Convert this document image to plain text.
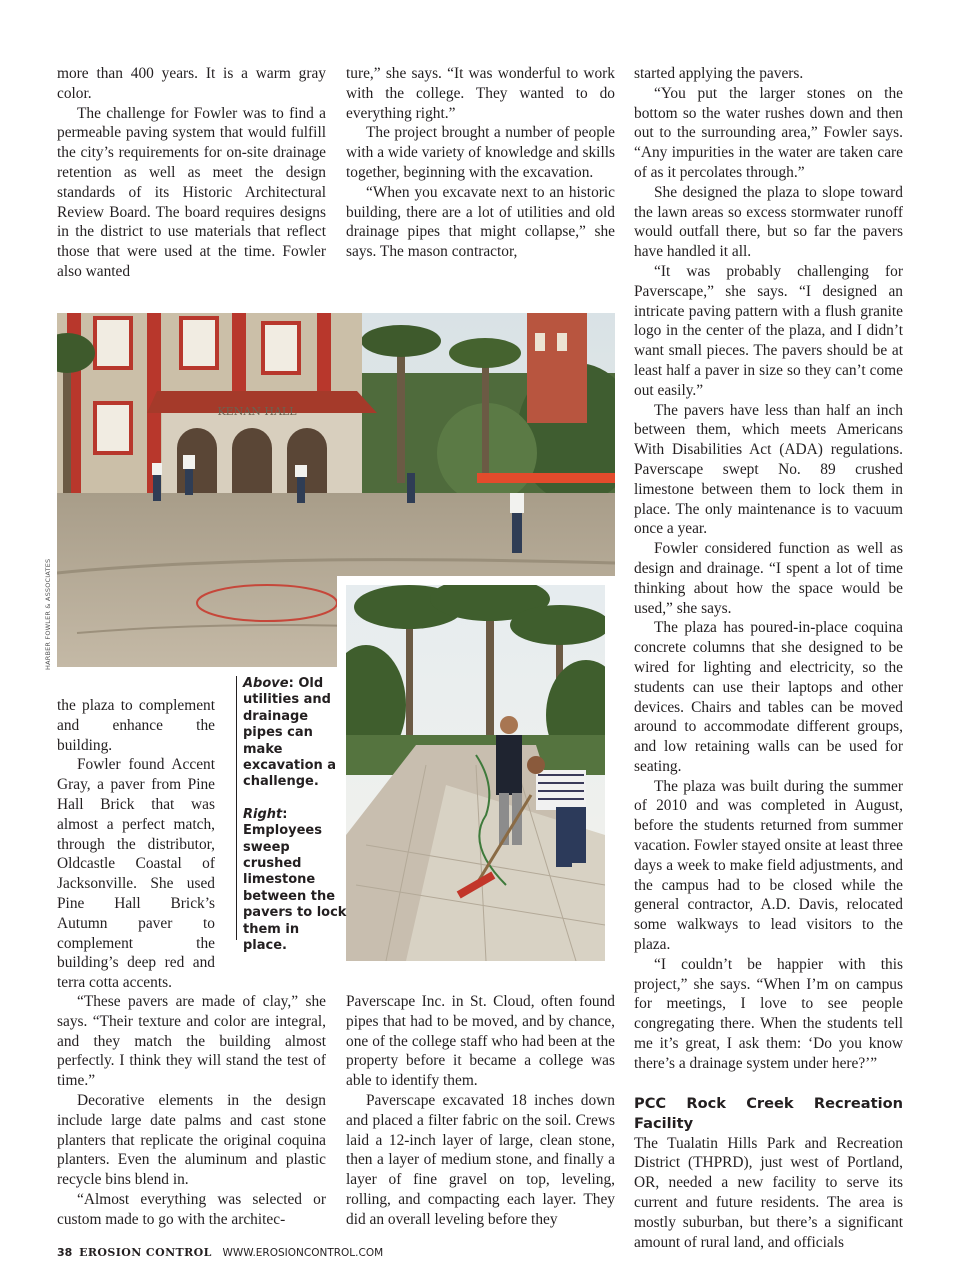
more than 400 years. It is a warm gray color.

The challenge for Fowler was to find a permeable paving system that would fulfill the city’s requirements for on-site drainage retention as well as meet the design standards of its Historic Architectural Review Board. The board requires designs in the district to use materials that reflect those that were used at the time. Fowler also wanted

ture,” she says. “It was wonderful to work with the college. They wanted to do everything right.”

The project brought a number of people with a wide variety of knowledge and skills together, beginning with the excavation.

“When you excavate next to an historic building, there are a lot of utilities and old drainage pipes that might collapse,” she says. The mason contractor,

started applying the pavers.

“You put the larger stones on the bottom so the water rushes down and then out to the surrounding area,” Fowler says. “Any impurities in the water are taken care of as it percolates through.”

She designed the plaza to slope toward the lawn areas so excess stormwater runoff would outfall there, but so far the pavers have handled it all.

“It was probably challenging for Paverscape,” she says. “I designed an intricate paving pattern with a flush granite logo in the center of the plaza, and I didn’t want small pieces. The pavers should be at least half a paver in size so they can’t come out easily.”

The pavers have less than half an inch between them, which meets Americans With Disabilities Act (ADA) regulations. Paverscape swept No. 89 crushed limestone between them to lock them in place. The only maintenance is to vacuum once a year.

Fowler considered function as well as design and drainage. “I spent a lot of time thinking about how the space would be used,” she says.

The plaza has poured-in-place coquina concrete columns that she designed to be wired for lighting and electricity, so the students can use their laptops and other devices. Chairs and tables can be moved around to accommodate different groups, and low retaining walls can be used for seating.

The plaza was built during the summer of 2010 and was completed in August, before the students returned from summer vacation. Fowler stayed onsite at least three days a week to make field adjustments, and the campus had to be closed while the general contractor, A.D. Davis, relocated some walkways to lead visitors to the plaza.

“I couldn’t be happier with this project,” she says. “When I’m on campus for meetings, I love to see people congregating there. When the students tell me it’s great, I ask them: ‘Do you know there’s a drainage system under here?’”

PCC Rock Creek Recreation Facility

The Tualatin Hills Park and Recreation District (THPRD), just west of Portland, OR, needed a new facility to serve its current and future residents. The area is mostly suburban, but there’s a significant amount of rural land, and officials

KENAN HALL
HARBER FOWLER & ASSOCIATES

the plaza to complement and enhance the building.

Fowler found Accent Gray, a paver from Pine Hall Brick that was almost a perfect match, through the distributor, Oldcastle Coastal of Jacksonville. She used Pine Hall Brick’s Autumn paver to complement the building’s deep red and terra cotta accents.

Above: Old utilities and drainage pipes can make excavation a challenge.

Right: Employees sweep crushed limestone between the pavers to lock them in place.

“These pavers are made of clay,” she says. “Their texture and color are integral, and they match the building almost perfectly. I think they will stand the test of time.”

Decorative elements in the design include large date palms and cast stone planters that replicate the original coquina planters. Even the aluminum and plastic recycle bins blend in.

“Almost everything was selected or custom made to go with the architec-

Paverscape Inc. in St. Cloud, often found pipes that had to be moved, and by chance, one of the college staff who had been at the property before it became a college was able to identify them.

Paverscape excavated 18 inches down and placed a filter fabric on the soil. Crews laid a 12-inch layer of large, clean stone, then a layer of medium stone, and finally a layer of fine gravel on top, leveling, rolling, and compacting each layer. They did an overall leveling before they

38 EROSION CONTROL WWW.EROSIONCONTROL.COM
